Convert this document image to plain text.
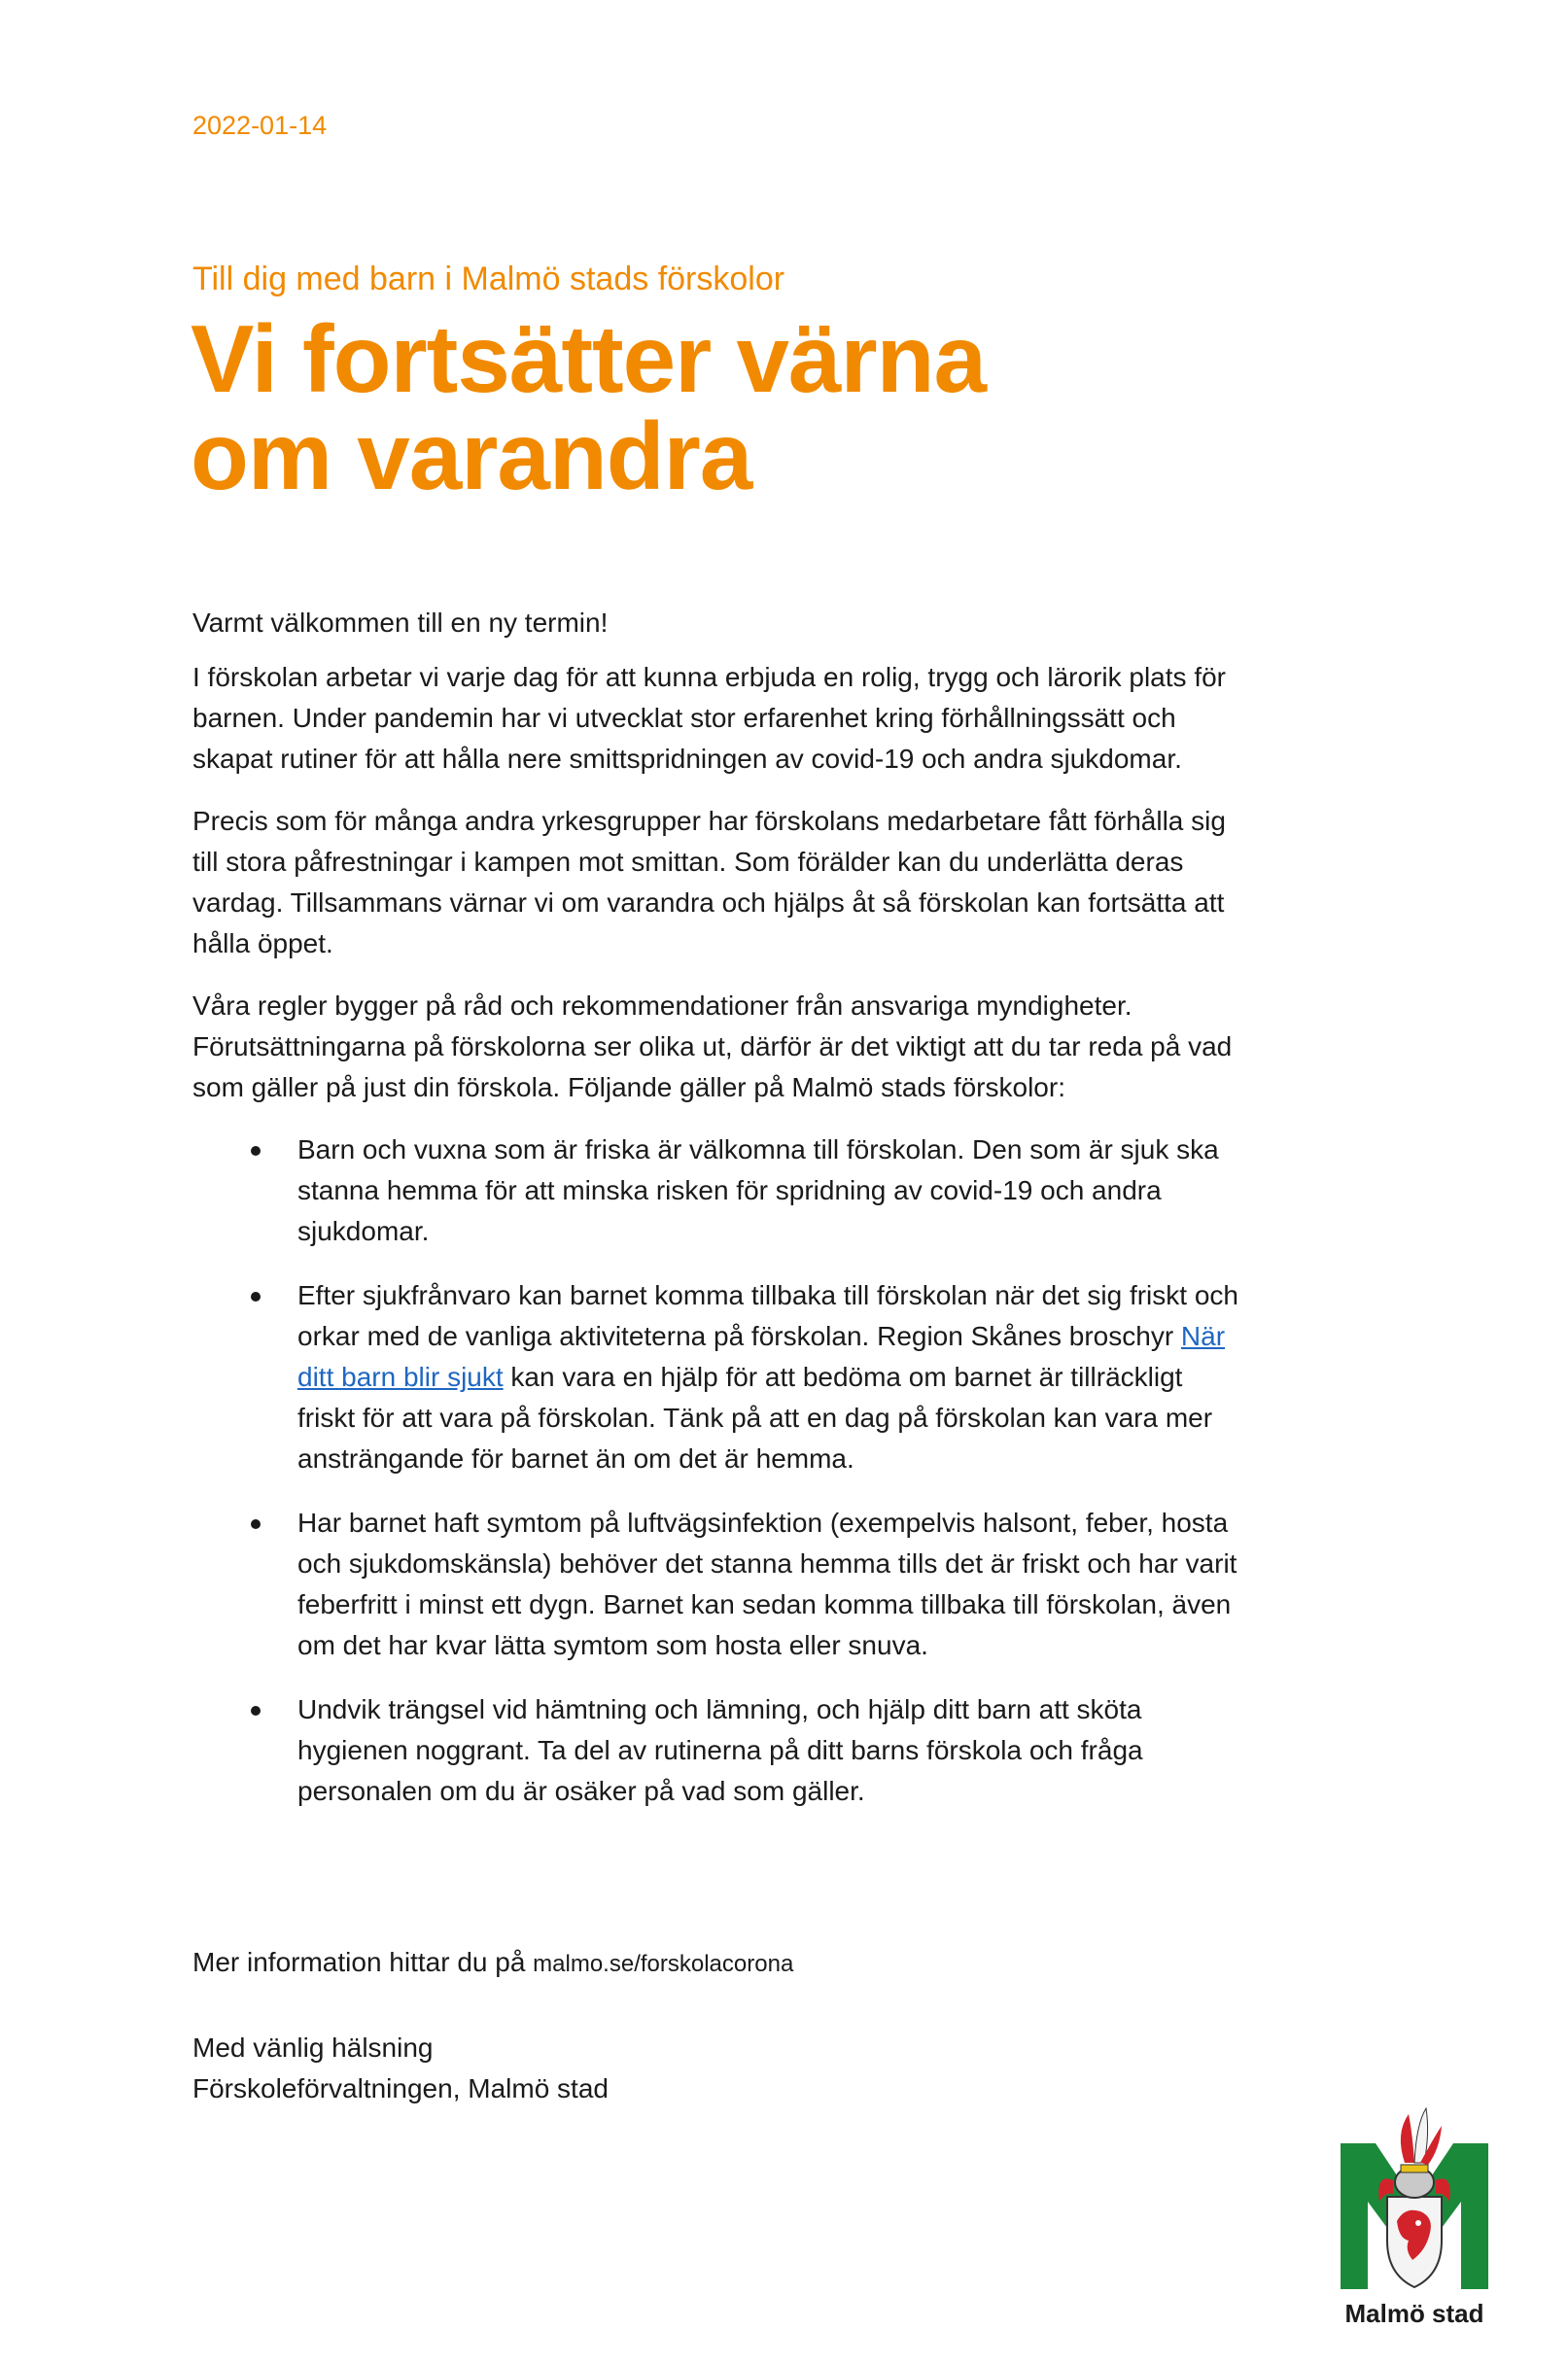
2022-01-14
Till dig med barn i Malmö stads förskolor
Vi fortsätter värna
om varandra

Varmt välkommen till en ny termin!

I förskolan arbetar vi varje dag för att kunna erbjuda en rolig, trygg och lärorik plats för barnen. Under pandemin har vi utvecklat stor erfarenhet kring förhållningssätt och skapat rutiner för att hålla nere smittspridningen av covid-19 och andra sjukdomar.

Precis som för många andra yrkesgrupper har förskolans medarbetare fått förhålla sig till stora påfrestningar i kampen mot smittan. Som förälder kan du underlätta deras vardag. Tillsammans värnar vi om varandra och hjälps åt så förskolan kan fortsätta att hålla öppet.

Våra regler bygger på råd och rekommendationer från ansvariga myndigheter. Förutsättningarna på förskolorna ser olika ut, därför är det viktigt att du tar reda på vad som gäller på just din förskola. Följande gäller på Malmö stads förskolor:

Barn och vuxna som är friska är välkomna till förskolan. Den som är sjuk ska stanna hemma för att minska risken för spridning av covid-19 och andra sjukdomar.
Efter sjukfrånvaro kan barnet komma tillbaka till förskolan när det sig friskt och orkar med de vanliga aktiviteterna på förskolan. Region Skånes broschyr När ditt barn blir sjukt kan vara en hjälp för att bedöma om barnet är tillräckligt friskt för att vara på förskolan. Tänk på att en dag på förskolan kan vara mer ansträngande för barnet än om det är hemma.
Har barnet haft symtom på luftvägsinfektion (exempelvis halsont, feber, hosta och sjukdomskänsla) behöver det stanna hemma tills det är friskt och har varit feberfritt i minst ett dygn. Barnet kan sedan komma tillbaka till förskolan, även om det har kvar lätta symtom som hosta eller snuva.
Undvik trängsel vid hämtning och lämning, och hjälp ditt barn att sköta hygienen noggrant. Ta del av rutinerna på ditt barns förskola och fråga personalen om du är osäker på vad som gäller.
Mer information hittar du på malmo.se/forskolacorona
Med vänlig hälsning
Förskoleförvaltningen, Malmö stad
Malmö stad
